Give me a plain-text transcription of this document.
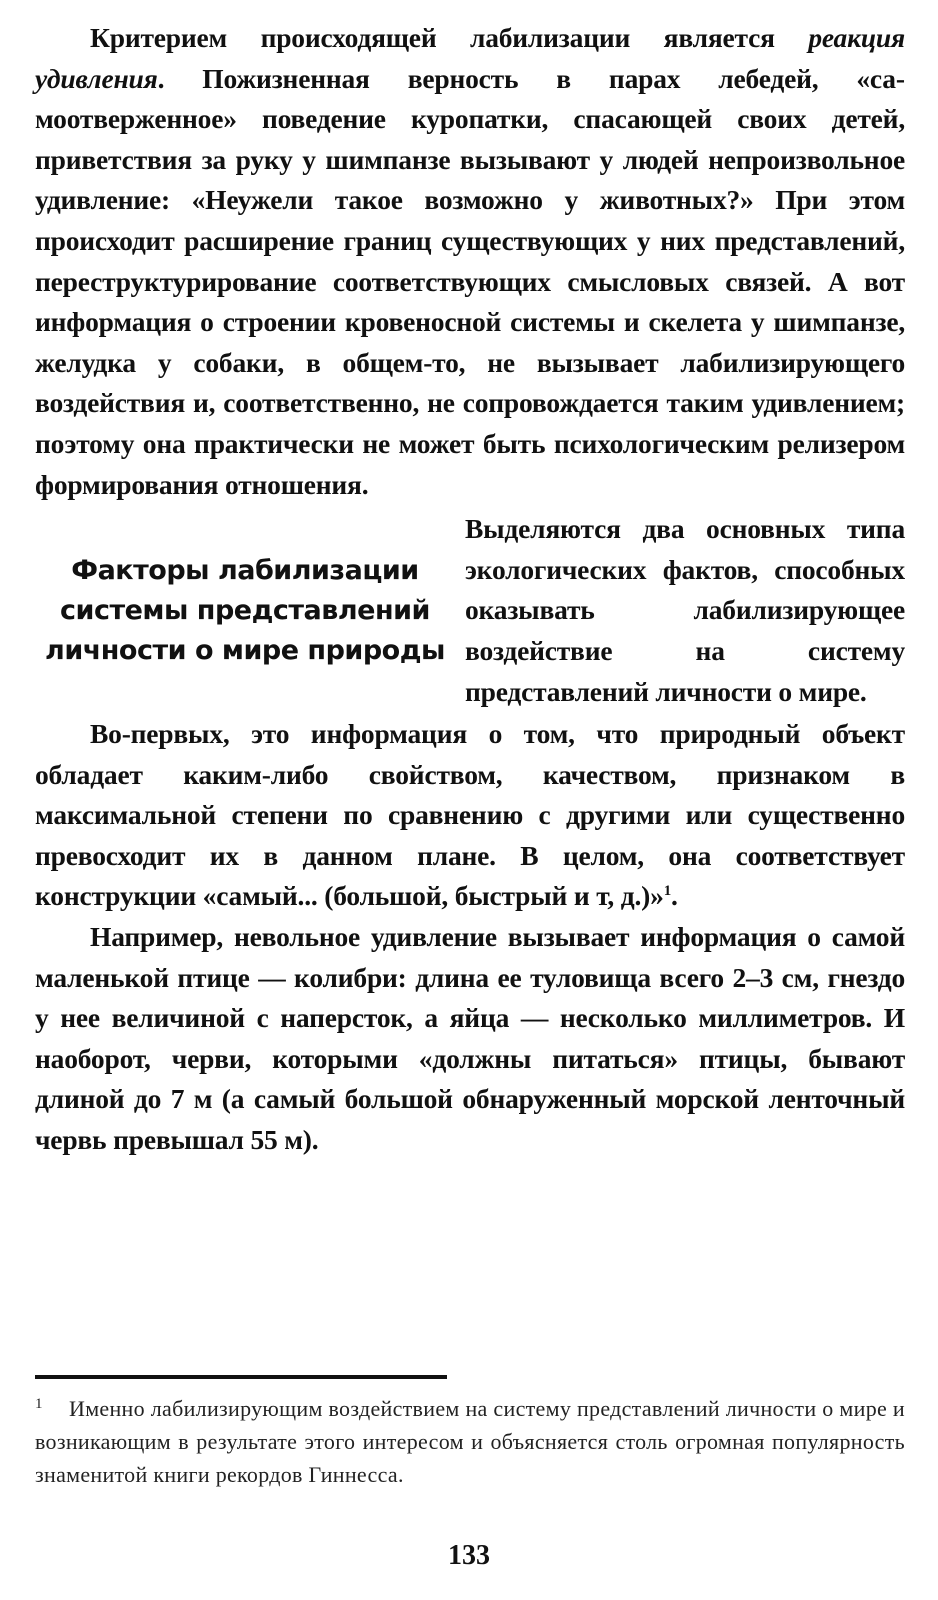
Критерием происходящей лабилизации является реакция удивления. Пожизненная верность в парах лебедей, «самоотверженное» поведение куропатки, спасающей своих детей, приветствия за руку у шимпанзе вызывают у людей непроизвольное удивление: «Неужели такое возможно у животных?» При этом происходит расширение границ существующих у них представлений, переструктурирование соответствующих смысловых связей. А вот информация о строении кровеносной системы и скелета у шимпанзе, желудка у собаки, в общем-то, не вызывает лабилизирующего воздействия и, соответственно, не сопровождается таким удивлением; поэтому она практически не может быть психологическим релизером формирования отношения.

Факторы лабилизации системы представлений личности о мире природы

Выделяются два основных типа экологических фактов, способных оказывать лабилизирующее воздействие на систему представлений личности о мире.

Во-первых, это информация о том, что природный объект обладает каким-либо свойством, качеством, признаком в максимальной степени по сравнению с другими или существенно превосходит их в данном плане. В целом, она соответствует конструкции «самый... (большой, быстрый и т, д.)»$^1$.

Например, невольное удивление вызывает информация о самой маленькой птице — колибри: длина ее туловища всего 2–3 см, гнездо у нее величиной с наперсток, а яйца — несколько миллиметров. И наоборот, черви, которыми «должны питаться» птицы, бывают длиной до 7 м (а самый большой обнаруженный морской ленточный червь превышал 55 м).

1 Именно лабилизирующим воздействием на систему представлений личности о мире и возникающим в результате этого интересом и объясняется столь огромная популярность знаменитой книги рекордов Гиннесса.
133
